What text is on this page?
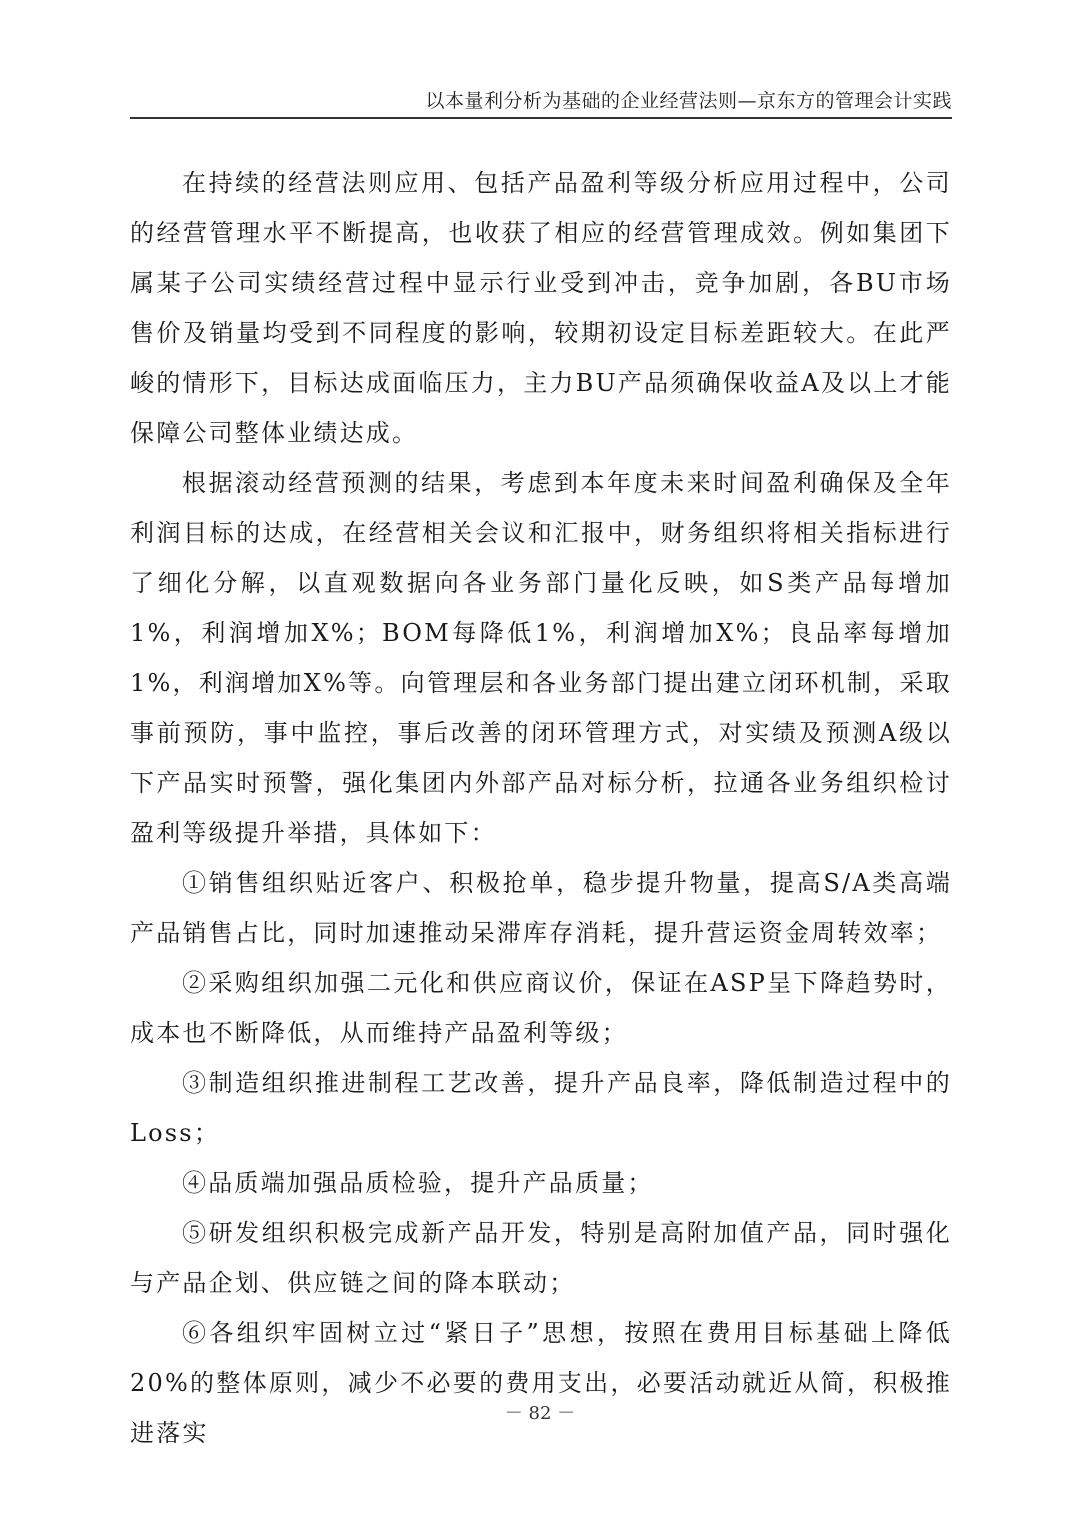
以本量利分析为基础的企业经营法则—京东方的管理会计实践

在持续的经营法则应用、包括产品盈利等级分析应用过程中，公司的经营管理水平不断提高，也收获了相应的经营管理成效。例如集团下属某子公司实绩经营过程中显示行业受到冲击，竞争加剧，各BU市场售价及销量均受到不同程度的影响，较期初设定目标差距较大。在此严峻的情形下，目标达成面临压力，主力BU产品须确保收益A及以上才能保障公司整体业绩达成。

根据滚动经营预测的结果，考虑到本年度未来时间盈利确保及全年利润目标的达成，在经营相关会议和汇报中，财务组织将相关指标进行了细化分解，以直观数据向各业务部门量化反映，如S类产品每增加1%，利润增加X%；BOM每降低1%，利润增加X%；良品率每增加1%，利润增加X%等。向管理层和各业务部门提出建立闭环机制，采取事前预防，事中监控，事后改善的闭环管理方式，对实绩及预测A级以下产品实时预警，强化集团内外部产品对标分析，拉通各业务组织检讨盈利等级提升举措，具体如下：

①销售组织贴近客户、积极抢单，稳步提升物量，提高S/A类高端产品销售占比，同时加速推动呆滞库存消耗，提升营运资金周转效率；

②采购组织加强二元化和供应商议价，保证在ASP呈下降趋势时，成本也不断降低，从而维持产品盈利等级；

③制造组织推进制程工艺改善，提升产品良率，降低制造过程中的Loss；

④品质端加强品质检验，提升产品质量；

⑤研发组织积极完成新产品开发，特别是高附加值产品，同时强化与产品企划、供应链之间的降本联动；

⑥各组织牢固树立过“紧日子”思想，按照在费用目标基础上降低20%的整体原则，减少不必要的费用支出，必要活动就近从简，积极推进落实

－ 82 －
